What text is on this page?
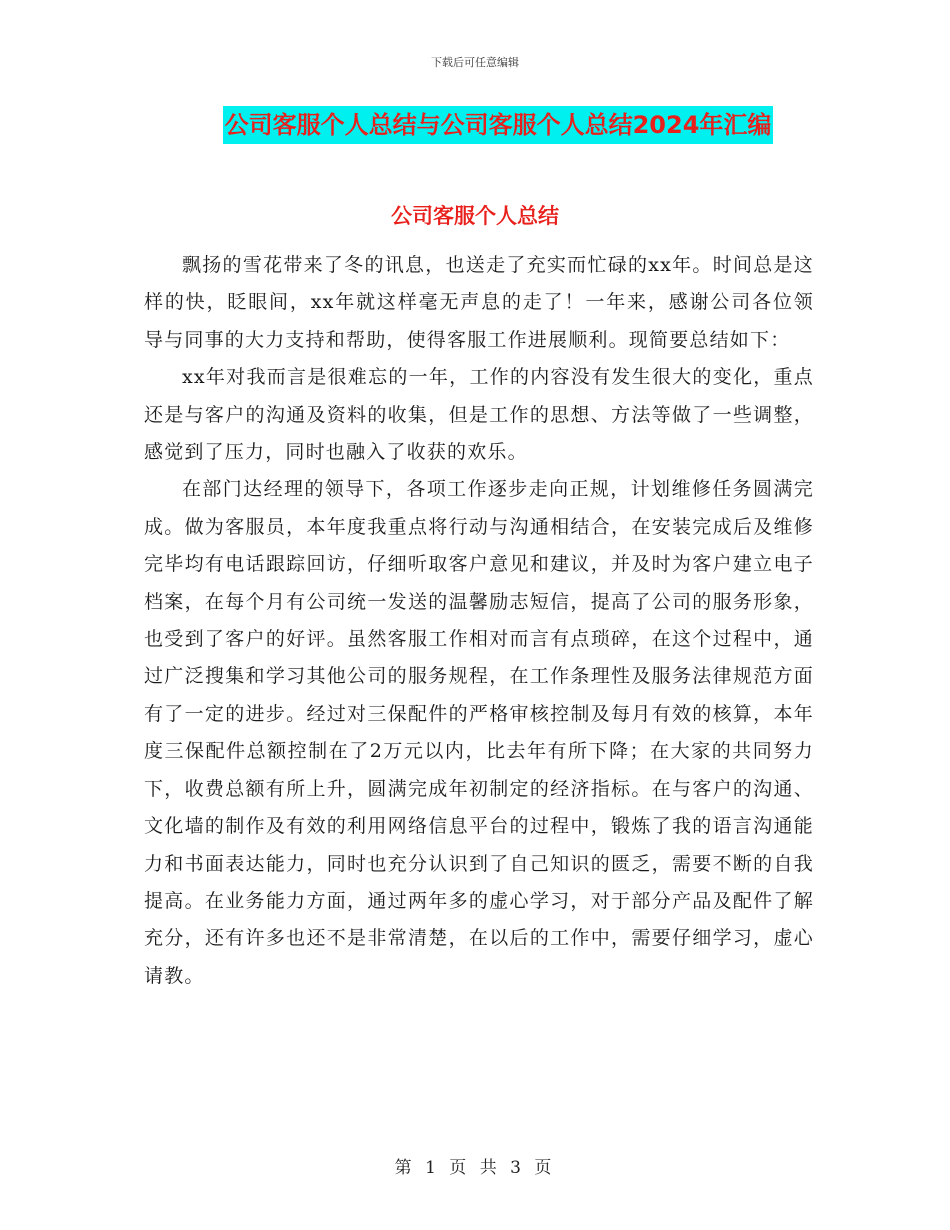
下载后可任意编辑
公司客服个人总结与公司客服个人总结2024年汇编
公司客服个人总结

飘扬的雪花带来了冬的讯息，也送走了充实而忙碌的xx年。时间总是这样的快，眨眼间，xx年就这样毫无声息的走了！一年来，感谢公司各位领导与同事的大力支持和帮助，使得客服工作进展顺利。现简要总结如下：

xx年对我而言是很难忘的一年，工作的内容没有发生很大的变化，重点还是与客户的沟通及资料的收集，但是工作的思想、方法等做了一些调整，感觉到了压力，同时也融入了收获的欢乐。

在部门达经理的领导下，各项工作逐步走向正规，计划维修任务圆满完成。做为客服员，本年度我重点将行动与沟通相结合，在安装完成后及维修完毕均有电话跟踪回访，仔细听取客户意见和建议，并及时为客户建立电子档案，在每个月有公司统一发送的温馨励志短信，提高了公司的服务形象，也受到了客户的好评。虽然客服工作相对而言有点琐碎，在这个过程中，通过广泛搜集和学习其他公司的服务规程，在工作条理性及服务法律规范方面有了一定的进步。经过对三保配件的严格审核控制及每月有效的核算，本年度三保配件总额控制在了2万元以内，比去年有所下降；在大家的共同努力下，收费总额有所上升，圆满完成年初制定的经济指标。在与客户的沟通、文化墙的制作及有效的利用网络信息平台的过程中，锻炼了我的语言沟通能力和书面表达能力，同时也充分认识到了自己知识的匮乏，需要不断的自我提高。在业务能力方面，通过两年多的虚心学习，对于部分产品及配件了解充分，还有许多也还不是非常清楚，在以后的工作中，需要仔细学习，虚心请教。

第 1 页 共 3 页
